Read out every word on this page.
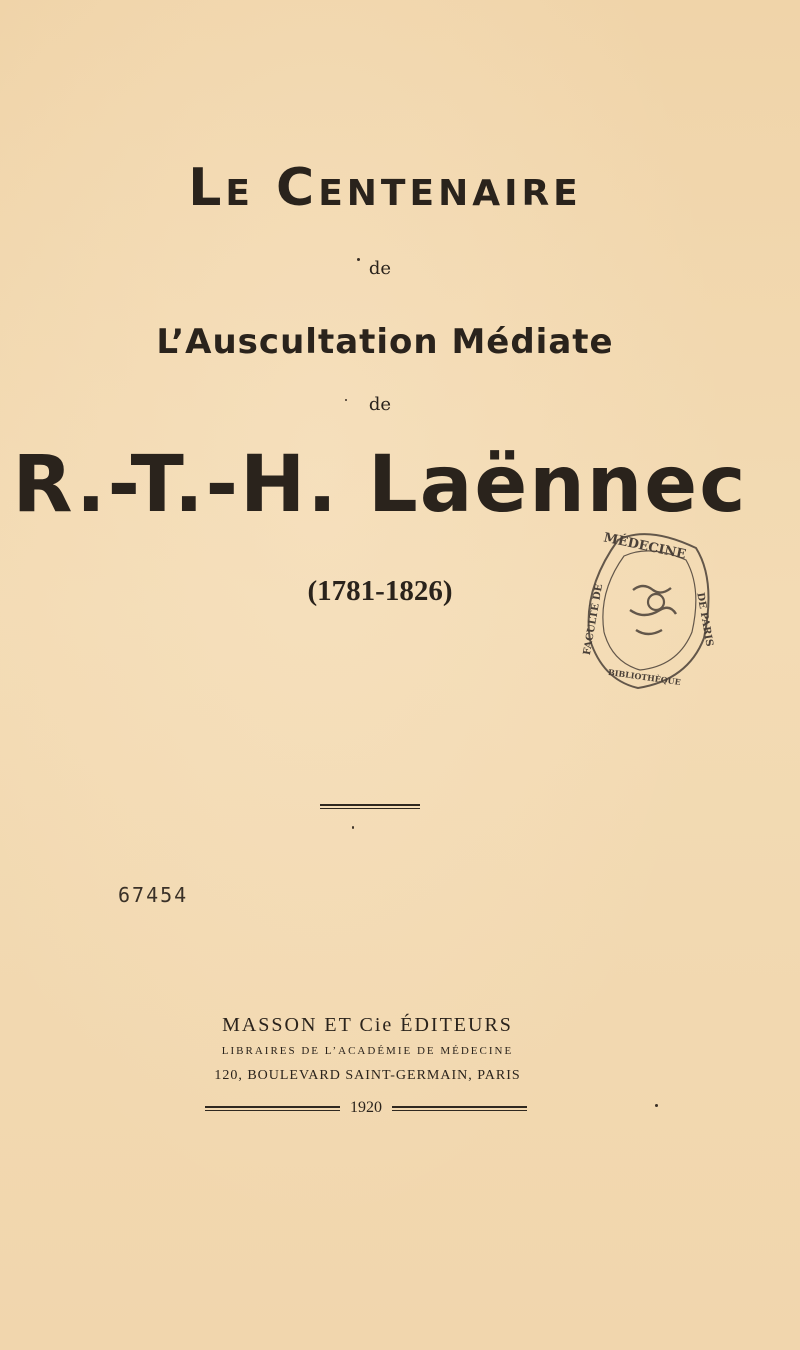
Le Centenaire
de
L’Auscultation Médiate
de
R.-T.-H. Laënnec
(1781-1826)
MÉDECINE
FACULTÉ DE	DE PARIS
BIBLIOTHÈQUE
67454
MASSON ET Cie ÉDITEURS
LIBRAIRES DE L’ACADÉMIE DE MÉDECINE
120, BOULEVARD SAINT-GERMAIN, PARIS
1920
